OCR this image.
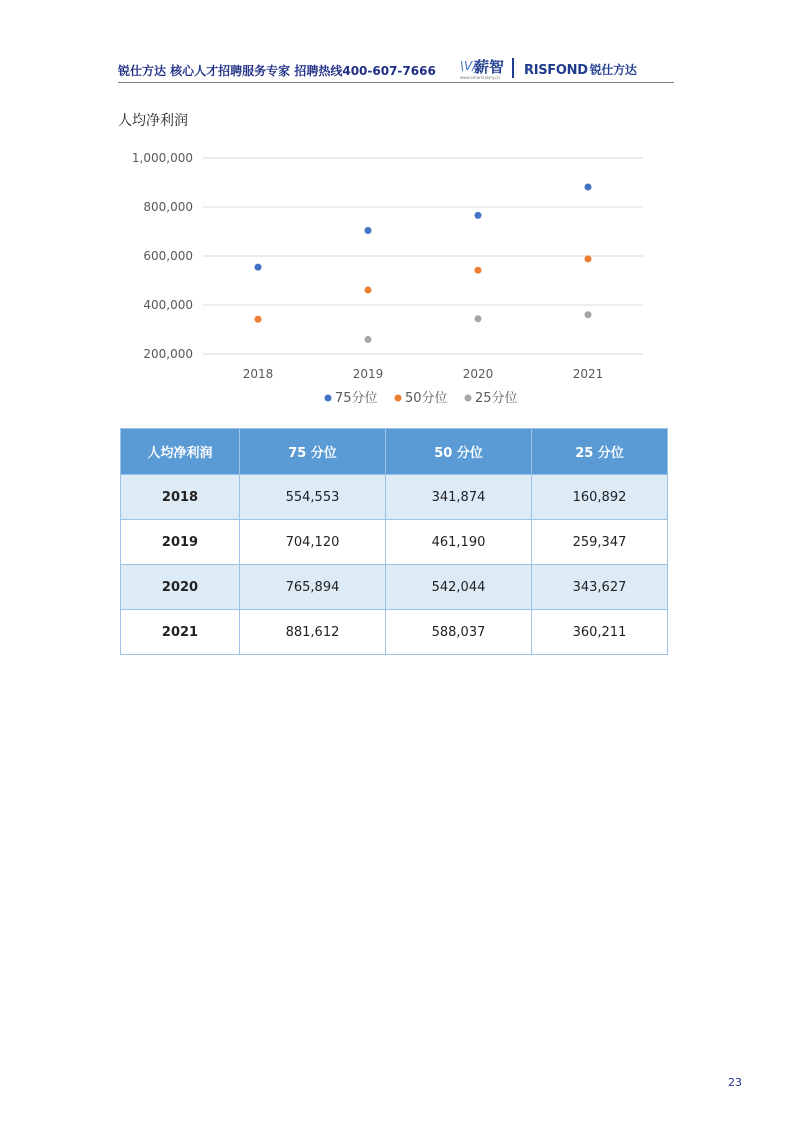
锐仕方达 核心人才招聘服务专家 招聘热线400-607-7666 \V/
薪智
www.smartsalary.cn RISFOND 锐仕方达
人均净利润
200,000
400,000
600,000
800,000
1,000,000
2018	2019	2020	2021
75分位 50分位 25分位
人均净利润	75 分位	50 分位	25 分位
2018	554,553	341,874	160,892
2019	704,120	461,190	259,347
2020	765,894	542,044	343,627
2021	881,612	588,037	360,211
23
